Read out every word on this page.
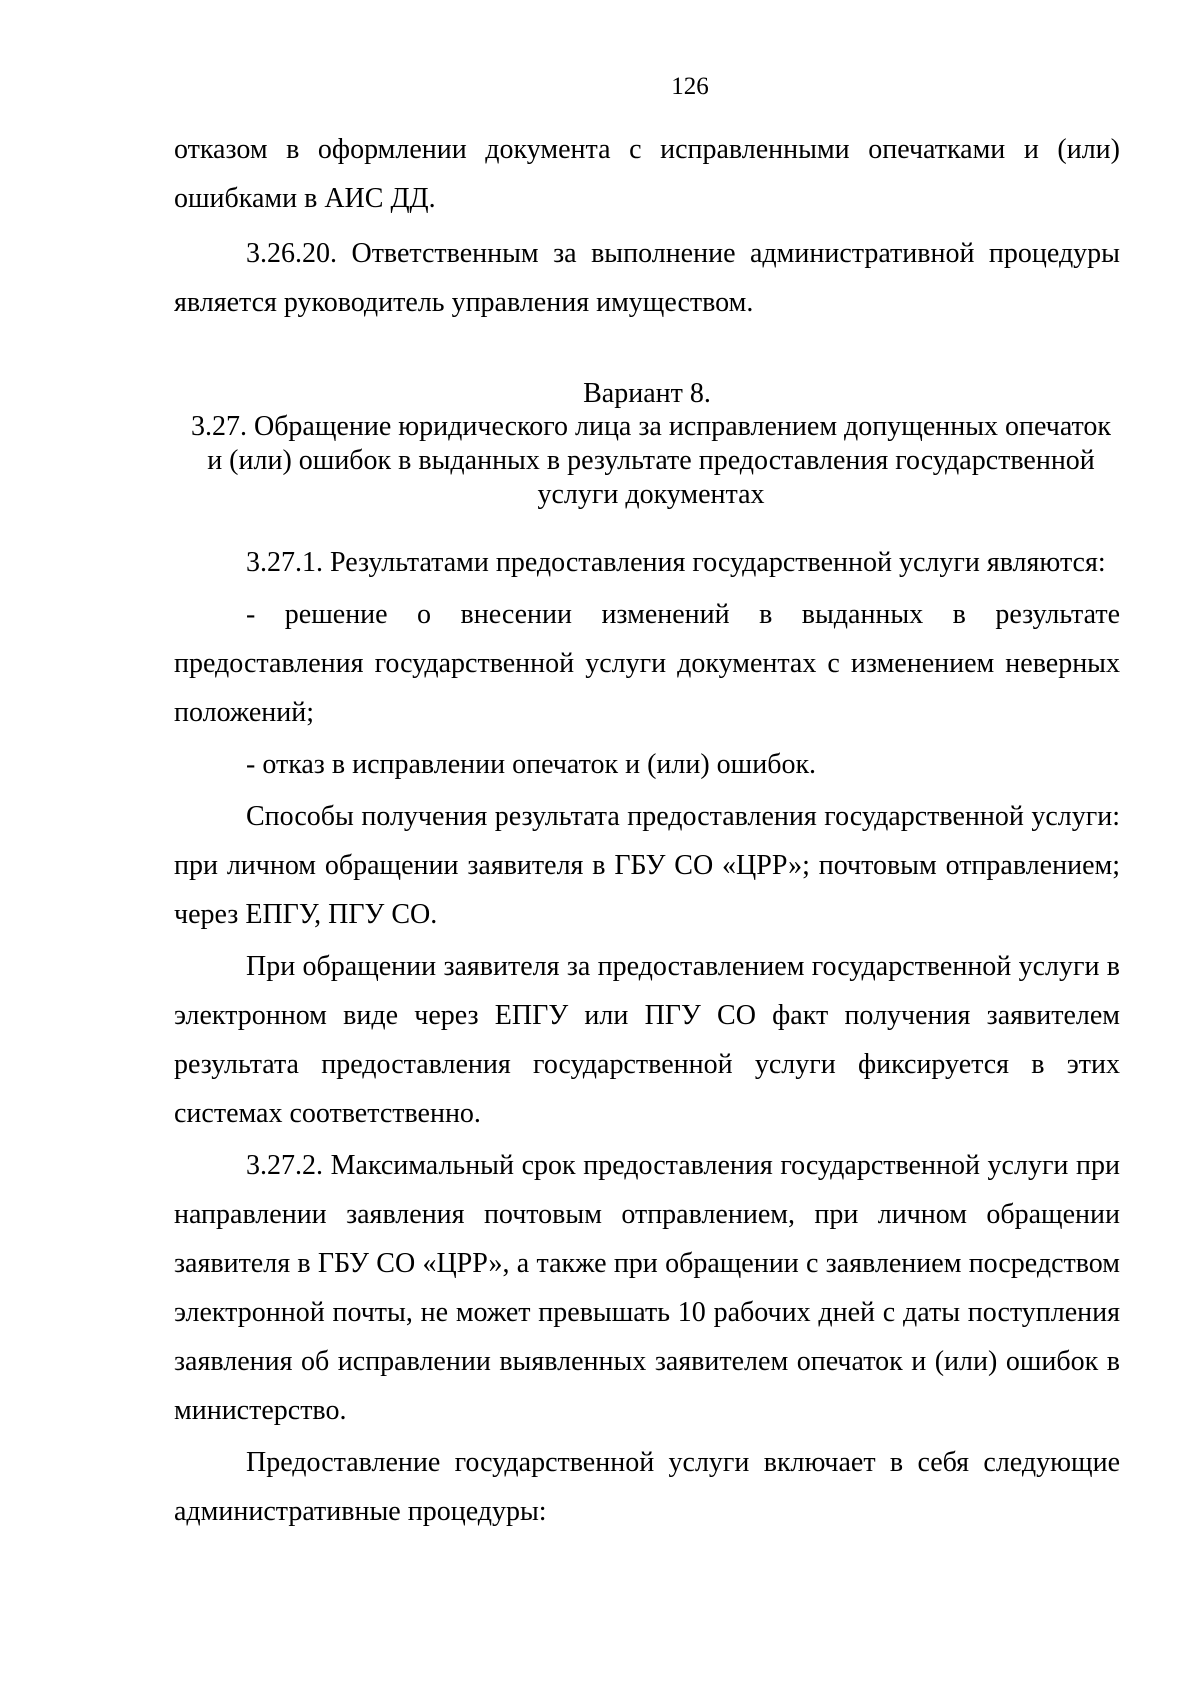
126

отказом в оформлении документа с исправленными опечатками и (или) ошибками в АИС ДД.

3.26.20. Ответственным за выполнение административной процедуры является руководитель управления имуществом.

Вариант 8.

3.27. Обращение юридического лица за исправлением допущенных опечаток и (или) ошибок в выданных в результате предоставления государственной услуги документах

3.27.1. Результатами предоставления государственной услуги являются:

- решение о внесении изменений в выданных в результате предоставления государственной услуги документах с изменением неверных положений;

- отказ в исправлении опечаток и (или) ошибок.

Способы получения результата предоставления государственной услуги: при личном обращении заявителя в ГБУ СО «ЦРР»; почтовым отправлением; через ЕПГУ, ПГУ СО.

При обращении заявителя за предоставлением государственной услуги в электронном виде через ЕПГУ или ПГУ СО факт получения заявителем результата предоставления государственной услуги фиксируется в этих системах соответственно.

3.27.2. Максимальный срок предоставления государственной услуги при направлении заявления почтовым отправлением, при личном обращении заявителя в ГБУ СО «ЦРР», а также при обращении с заявлением посредством электронной почты, не может превышать 10 рабочих дней с даты поступления заявления об исправлении выявленных заявителем опечаток и (или) ошибок в министерство.

Предоставление государственной услуги включает в себя следующие административные процедуры:
